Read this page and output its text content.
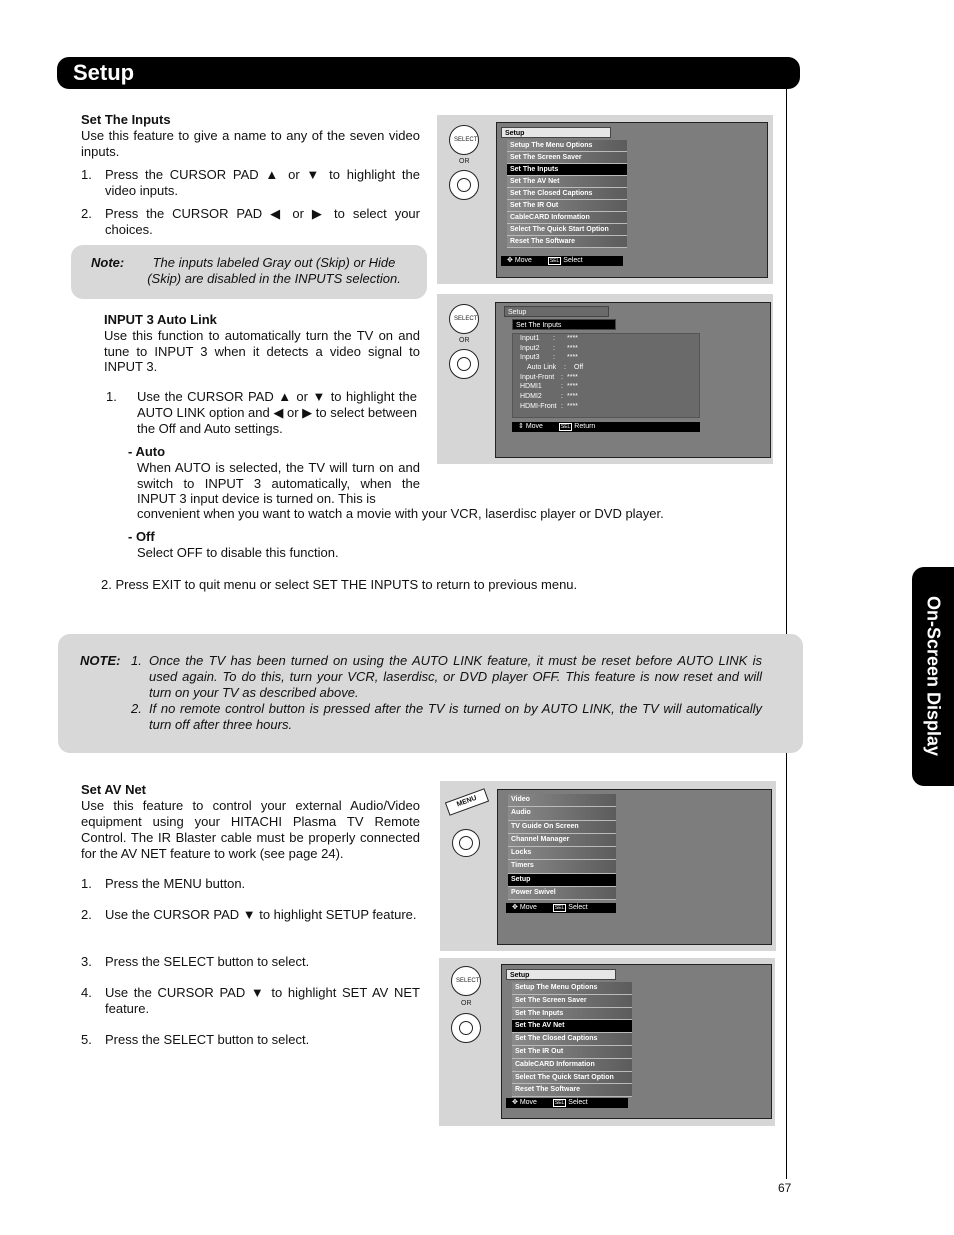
Setup
On-Screen Display
67
Set The Inputs
Use this feature to give a name to any of the seven video inputs.
1. Press the CURSOR PAD ▲ or ▼ to highlight the video inputs.
2. Press the CURSOR PAD ◀ or ▶ to select your choices.
Note:	The inputs labeled Gray out (Skip) or Hide (Skip) are disabled in the INPUTS selection.
INPUT 3 Auto Link
Use this function to automatically turn the TV on and tune to INPUT 3 when it detects a video signal to INPUT 3.
1. Use the CURSOR PAD ▲ or ▼ to highlight the AUTO LINK option and ◀ or ▶ to select between the Off and Auto settings.
- Auto
When AUTO is selected, the TV will turn on and switch to INPUT 3 automatically, when the INPUT 3 input device is turned on. This is
convenient when you want to watch a movie with your VCR, laserdisc player or DVD player.
- Off
Select OFF to disable this function.
2. Press EXIT to quit menu or select SET THE INPUTS to return to previous menu.
NOTE: 1. Once the TV has been turned on using the AUTO LINK feature, it must be reset before AUTO LINK is used again. To do this, turn your VCR, laserdisc, or DVD player OFF. This feature is now reset and will turn on your TV as described above.
2. If no remote control button is pressed after the TV is turned on by AUTO LINK, the TV will automatically turn off after three hours.
Set AV Net
Use this feature to control your external Audio/Video equipment using your HITACHI Plasma TV Remote Control. The IR Blaster cable must be properly connected for the AV NET feature to work (see page 24).
1. Press the MENU button.
2. Use the CURSOR PAD ▼ to highlight SETUP feature.
3. Press the SELECT button to select.
4. Use the CURSOR PAD ▼ to highlight SET AV NET feature.
5. Press the SELECT button to select.
SELECT
OR
Setup
Setup The Menu Options
Set The Screen Saver
Set The Inputs
Set The AV Net
Set The Closed Captions
Set The IR Out
CableCARD Information
Select The Quick Start Option
Reset The Software
✥ Move	SEL Select
SELECT
OR
Setup
Set The Inputs
Input1 : ****
Input2 : ****
Input3 : ****
Auto Link : Off
Input-Front : ****
HDMI1	: ****
HDMI2	: ****
HDMI-Front : ****
⇕ Move	SEL Return
MENU	Video
Audio
TV Guide On Screen
Channel Manager
Locks
Timers
Setup
Power Swivel
✥ Move	SEL Select
SELECT
OR
Setup
Setup The Menu Options
Set The Screen Saver
Set The Inputs
Set The AV Net
Set The Closed Captions
Set The IR Out
CableCARD Information
Select The Quick Start Option
Reset The Software
✥ Move	SEL Select
